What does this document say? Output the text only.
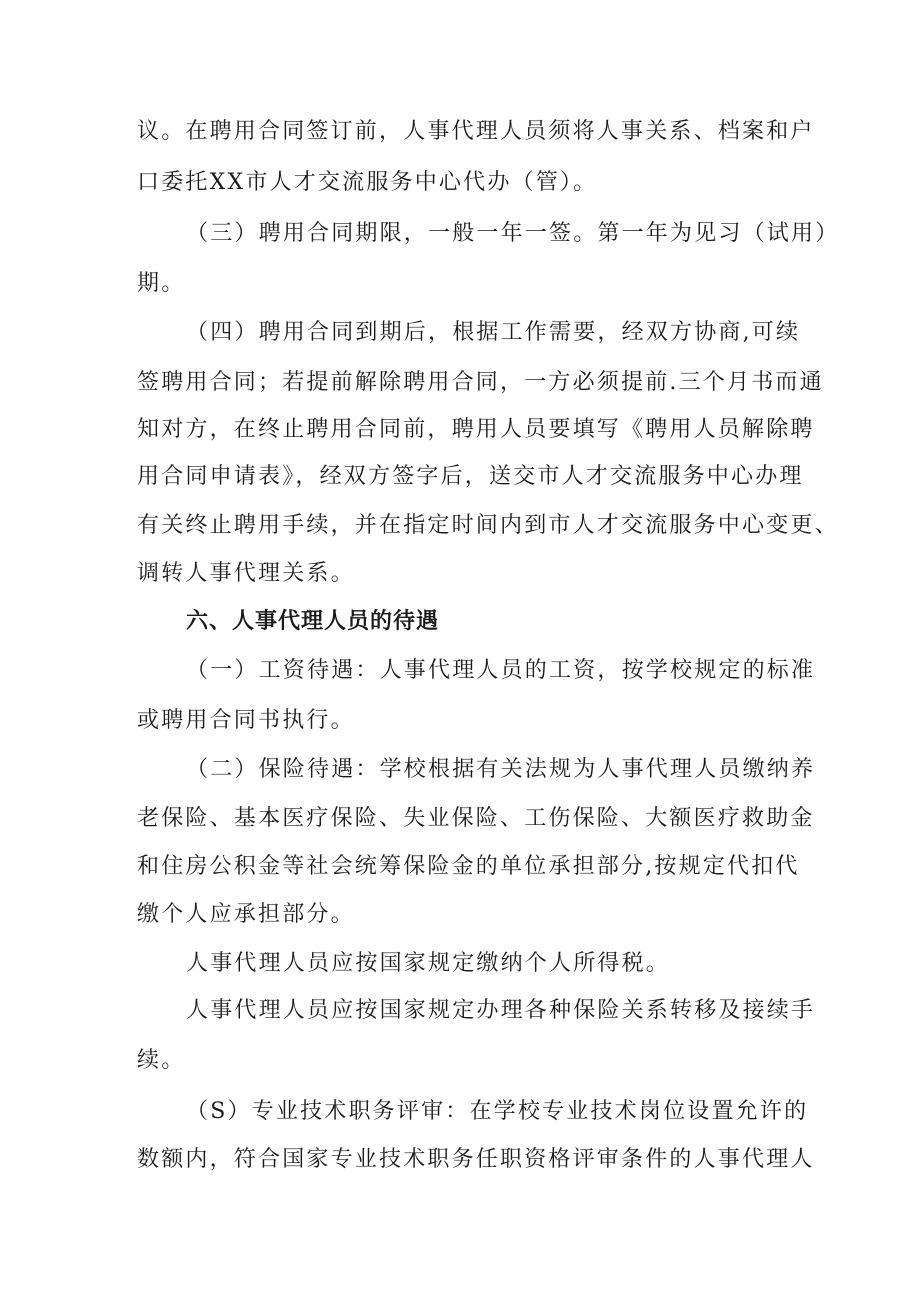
议。在聘用合同签订前，人事代理人员须将人事关系、档案和户
口委托XX市人才交流服务中心代办（管）。
（三）聘用合同期限，一般一年一签。第一年为见习（试用）
期。
（四）聘用合同到期后，根据工作需要，经双方协商,可续
签聘用合同；若提前解除聘用合同，一方必须提前.三个月书而通
知对方，在终止聘用合同前，聘用人员要填写《聘用人员解除聘
用合同申请表》，经双方签字后，送交市人才交流服务中心办理
有关终止聘用手续，并在指定时间内到市人才交流服务中心变更、
调转人事代理关系。
六、人事代理人员的待遇
（一）工资待遇：人事代理人员的工资，按学校规定的标准
或聘用合同书执行。
（二）保险待遇：学校根据有关法规为人事代理人员缴纳养
老保险、基本医疗保险、失业保险、工伤保险、大额医疗救助金
和住房公积金等社会统筹保险金的单位承担部分,按规定代扣代
缴个人应承担部分。
人事代理人员应按国家规定缴纳个人所得税。
人事代理人员应按国家规定办理各种保险关系转移及接续手
续。
（S）专业技术职务评审：在学校专业技术岗位设置允许的
数额内，符合国家专业技术职务任职资格评审条件的人事代理人
